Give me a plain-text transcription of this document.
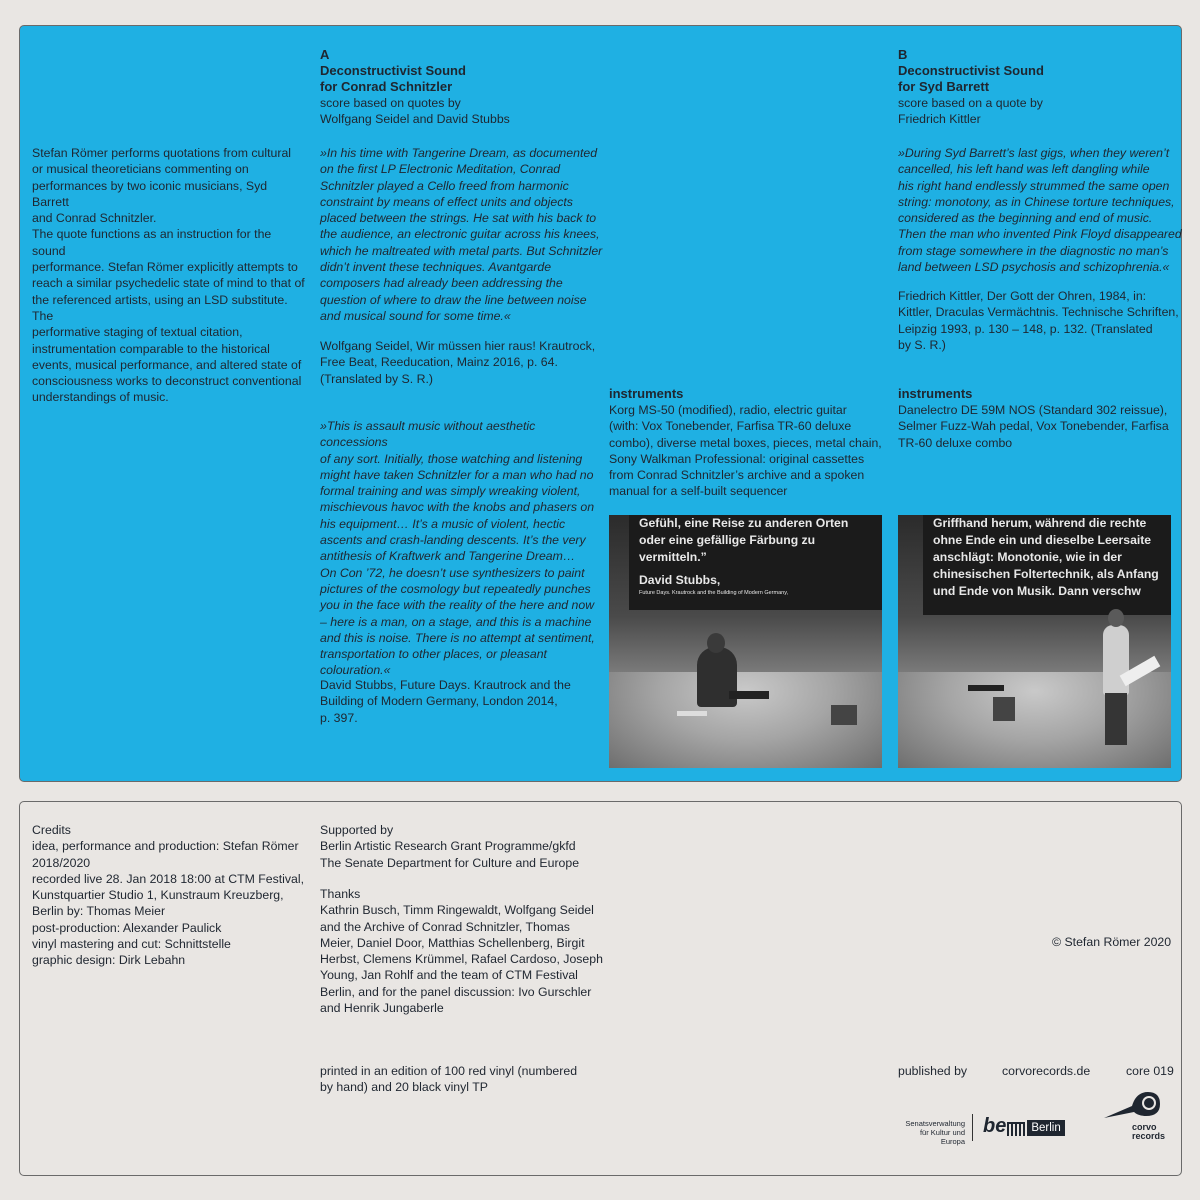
Stefan Römer performs quotations from cultural
or musical theoreticians commenting on
performances by two iconic musicians, Syd Barrett
and Conrad Schnitzler.
The quote functions as an instruction for the sound
performance. Stefan Römer explicitly attempts to
reach a similar psychedelic state of mind to that of
the referenced artists, using an LSD substitute. The
performative staging of textual citation,
instrumentation comparable to the historical
events, musical performance, and altered state of
consciousness works to deconstruct conventional
understandings of music.
A
Deconstructivist Sound
for Conrad Schnitzler
score based on quotes by
Wolfgang Seidel and David Stubbs
»In his time with Tangerine Dream, as documented
on the first LP Electronic Meditation, Conrad
Schnitzler played a Cello freed from harmonic
constraint by means of effect units and objects
placed between the strings. He sat with his back to
the audience, an electronic guitar across his knees,
which he maltreated with metal parts. But Schnitzler
didn’t invent these techniques. Avantgarde
composers had already been addressing the
question of where to draw the line between noise
and musical sound for some time.«
Wolfgang Seidel, Wir müssen hier raus! Krautrock,
Free Beat, Reeducation, Mainz 2016, p. 64.
(Translated by S. R.)
»This is assault music without aesthetic concessions
of any sort. Initially, those watching and listening
might have taken Schnitzler for a man who had no
formal training and was simply wreaking violent,
mischievous havoc with the knobs and phasers on
his equipment… It’s a music of violent, hectic
ascents and crash-landing descents. It’s the very
antithesis of Kraftwerk and Tangerine Dream…
On Con ’72, he doesn’t use synthesizers to paint
pictures of the cosmology but repeatedly punches
you in the face with the reality of the here and now
– here is a man, on a stage, and this is a machine
and this is noise. There is no attempt at sentiment,
transportation to other places, or pleasant
colouration.«
David Stubbs, Future Days. Krautrock and the
Building of Modern Germany, London 2014,
p. 397.
instruments
Korg MS-50 (modified), radio, electric guitar
(with: Vox Tonebender, Farfisa TR-60 deluxe
combo), diverse metal boxes, pieces, metal chain,
Sony Walkman Professional: original cassettes
from Conrad Schnitzler’s archive and a spoken
manual for a self-built sequencer
B
Deconstructivist Sound
for Syd Barrett
score based on a quote by
Friedrich Kittler
»During Syd Barrett’s last gigs, when they weren’t
cancelled, his left hand was left dangling while
his right hand endlessly strummed the same open
string: monotony, as in Chinese torture techniques,
considered as the beginning and end of music.
Then the man who invented Pink Floyd disappeared
from stage somewhere in the diagnostic no man’s
land between LSD psychosis and schizophrenia.«
Friedrich Kittler, Der Gott der Ohren, 1984, in:
Kittler, Draculas Vermächtnis. Technische Schriften,
Leipzig 1993, p. 130 – 148, p. 132. (Translated
by S. R.)
instruments
Danelectro DE 59M NOS (Standard 302 reissue),
Selmer Fuzz-Wah pedal, Vox Tonebender, Farfisa
TR-60 deluxe combo
Gefühl, eine Reise zu anderen Orten
oder eine gefällige Färbung zu
vermitteln.”
David Stubbs,
Future Days. Krautrock and the Building of Modern Germany,
Griffhand herum, während die rechte
ohne Ende ein und dieselbe Leersaite
anschlägt: Monotonie, wie in der
chinesischen Foltertechnik, als Anfang
und Ende von Musik. Dann verschw
Credits
idea, performance and production: Stefan Römer
2018/2020
recorded live 28. Jan 2018 18:00 at CTM Festival,
Kunstquartier Studio 1, Kunstraum Kreuzberg,
Berlin by: Thomas Meier
post-production: Alexander Paulick
vinyl mastering and cut: Schnittstelle
graphic design: Dirk Lebahn
Supported by
Berlin Artistic Research Grant Programme/gkfd
The Senate Department for Culture and Europe
Thanks
Kathrin Busch, Timm Ringewaldt, Wolfgang Seidel
and the Archive of Conrad Schnitzler, Thomas
Meier, Daniel Door, Matthias Schellenberg, Birgit
Herbst, Clemens Krümmel, Rafael Cardoso, Joseph
Young, Jan Rohlf and the team of CTM Festival
Berlin, and for the panel discussion: Ivo Gurschler
and Henrik Jungaberle
printed in an edition of 100 red vinyl (numbered
by hand) and 20 black vinyl TP
© Stefan Römer 2020
published by	corvorecords.de	core 019
Senatsverwaltung
für Kultur und Europa
be	Berlin	corvo
records
